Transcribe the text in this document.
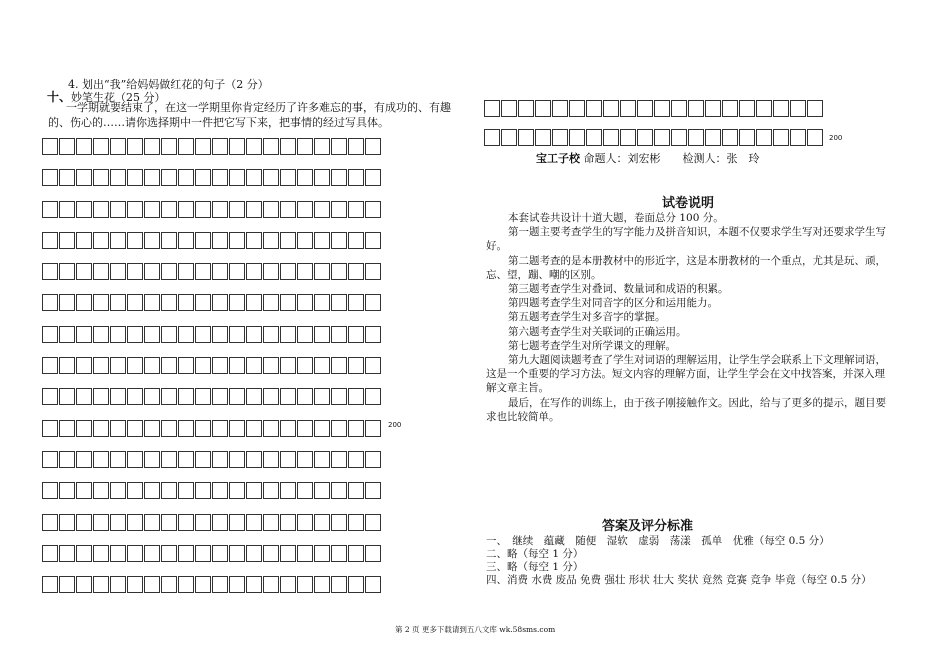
4. 划出“我”给妈妈做红花的句子（2 分）
十、妙笔生花（25 分）
一学期就要结束了，在这一学期里你肯定经历了许多难忘的事，有成功的、有趣的、伤心的……请你选择期中一件把它写下来，把事情的经过写具体。
200
200
宝工子校 命题人：刘宏彬　　检测人：张　玲
试卷说明

本套试卷共设计十道大题，卷面总分 100 分。

第一题主要考查学生的写字能力及拼音知识，本题不仅要求学生写对还要求学生写好。

第二题考查的是本册教材中的形近字，这是本册教材的一个重点，尤其是玩、顽，忘、望，蹦、嘲的区别。

第三题考查学生对叠词、数量词和成语的积累。

第四题考查学生对同音字的区分和运用能力。

第五题考查学生对多音字的掌握。

第六题考查学生对关联词的正确运用。

第七题考查学生对所学课文的理解。

第九大题阅读题考查了学生对词语的理解运用，让学生学会联系上下文理解词语，这是一个重要的学习方法。短文内容的理解方面，让学生学会在文中找答案，并深入理解文章主旨。

最后，在写作的训练上，由于孩子刚接触作文。因此，给与了更多的提示，题目要求也比较简单。

答案及评分标准

一、　继续　蕴藏　随便　湿软　虚弱　荡漾　孤单　优雅（每空 0.5 分）

二、略（每空 1 分）

三、略（每空 1 分）

四、消费 水费 废品 免费 强壮 形状 壮大 奖状 竟然 竞赛 竞争 毕竟（每空 0.5 分）

第 2 页 更多下载请到五八文库 wk.58sms.com
